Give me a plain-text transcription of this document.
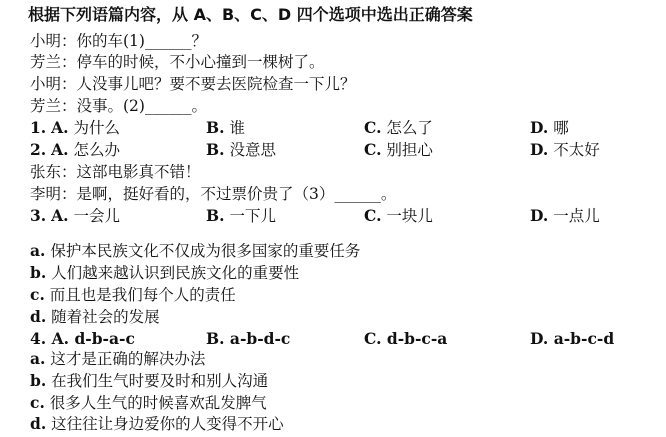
根据下列语篇内容，从 A、B、C、D 四个选项中选出正确答案
小明：你的车(1)______？
芳兰：停车的时候，不小心撞到一棵树了。
小明：人没事儿吧？要不要去医院检查一下儿？
芳兰：没事。(2)______。
1. A. 为什么	B. 谁	C. 怎么了	D. 哪
2. A. 怎么办	B. 没意思	C. 别担心	D. 不太好
张东：这部电影真不错！
李明：是啊，挺好看的，不过票价贵了（3）______。
3. A. 一会儿	B. 一下儿	C. 一块儿	D. 一点儿
a. 保护本民族文化不仅成为很多国家的重要任务
b. 人们越来越认识到民族文化的重要性
c. 而且也是我们每个人的责任
d. 随着社会的发展
4. A. d-b-a-c	B. a-b-d-c	C. d-b-c-a	D. a-b-c-d
a. 这才是正确的解决办法
b. 在我们生气时要及时和别人沟通
c. 很多人生气的时候喜欢乱发脾气
d. 这往往让身边爱你的人变得不开心
